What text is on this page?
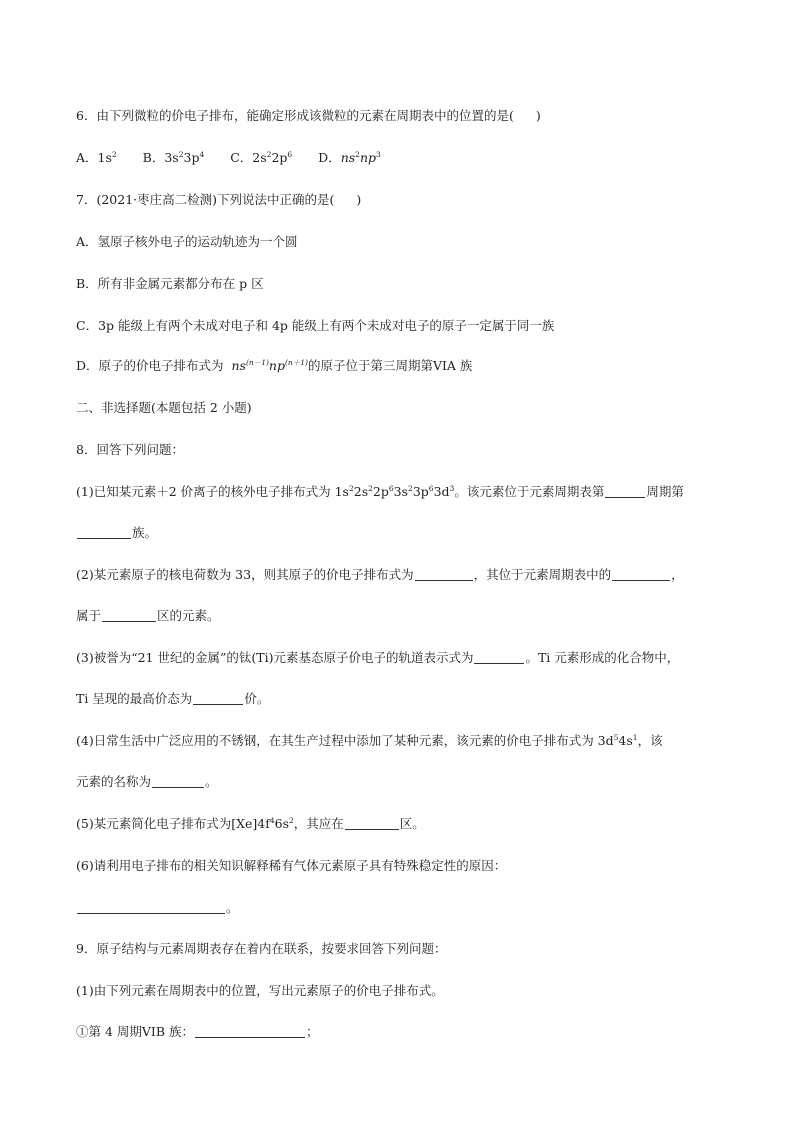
6．由下列微粒的价电子排布，能确定形成该微粒的元素在周期表中的位置的是( )
A．$1s^2$ B．$3s^23p^4$ C．$2s^22p^6$ D．$ns^2np^3$
7．(2021·枣庄高二检测)下列说法中正确的是( )
A．氢原子核外电子的运动轨迹为一个圆
B．所有非金属元素都分布在 p 区
C．3p 能级上有两个未成对电子和 4p 能级上有两个未成对电子的原子一定属于同一族
D．原子的价电子排布式为 $ns^{(n-1)}np^{(n+1)}$的原子位于第三周期第VIA 族
二、非选择题(本题包括 2 小题)
8．回答下列问题：
(1)已知某元素＋2 价离子的核外电子排布式为 $1s^22s^22p^63s^23p^63d^3$。该元素位于元素周期表第	周期第
族。
(2)某元素原子的核电荷数为 33，则其原子的价电子排布式为	，其位于元素周期表中的	，
属于	区的元素。
(3)被誉为“21 世纪的金属”的钛(Ti)元素基态原子价电子的轨道表示式为	。Ti 元素形成的化合物中，
Ti 呈现的最高价态为	价。
(4)日常生活中广泛应用的不锈钢，在其生产过程中添加了某种元素，该元素的价电子排布式为 $3d^54s^1$，该
元素的名称为	。
(5)某元素简化电子排布式为$[Xe]4f^46s^2$，其应在	区。
(6)请利用电子排布的相关知识解释稀有气体元素原子具有特殊稳定性的原因：
。
9．原子结构与元素周期表存在着内在联系，按要求回答下列问题：
(1)由下列元素在周期表中的位置，写出元素原子的价电子排布式。
①第 4 周期VIB 族：	；
